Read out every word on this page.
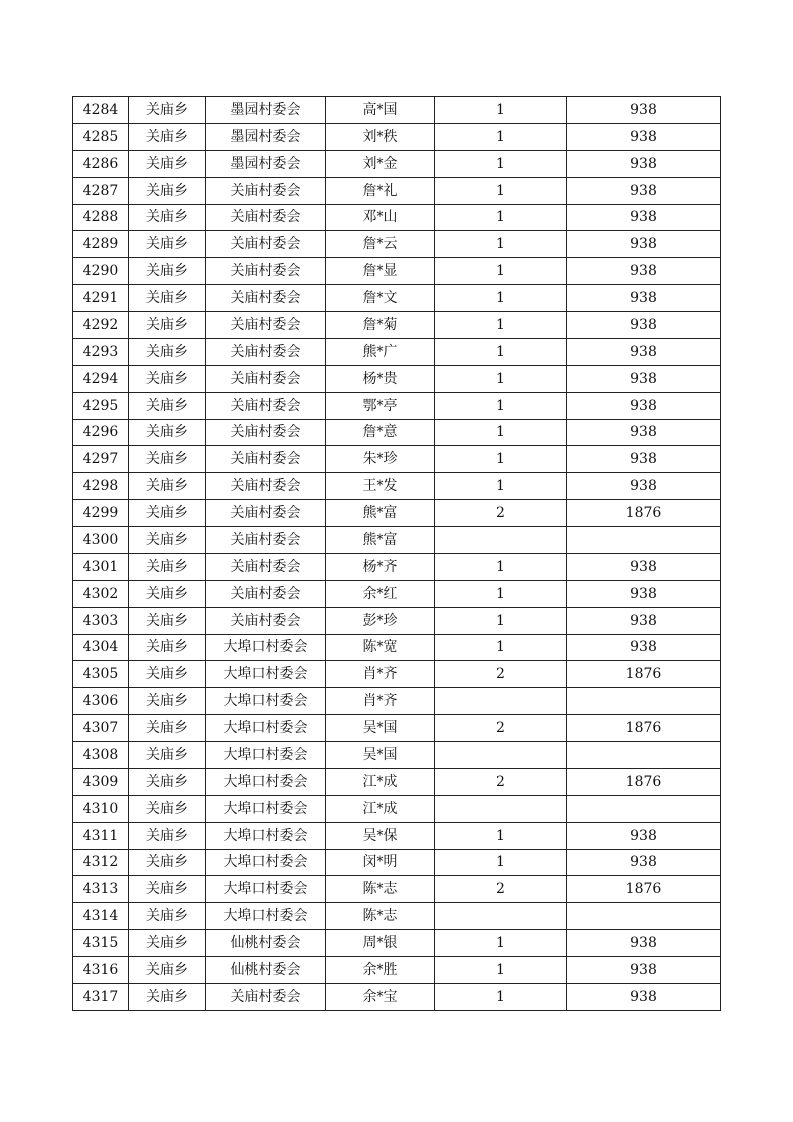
4284	关庙乡	墨园村委会	高*国	1	938
4285	关庙乡	墨园村委会	刘*秩	1	938
4286	关庙乡	墨园村委会	刘*金	1	938
4287	关庙乡	关庙村委会	詹*礼	1	938
4288	关庙乡	关庙村委会	邓*山	1	938
4289	关庙乡	关庙村委会	詹*云	1	938
4290	关庙乡	关庙村委会	詹*显	1	938
4291	关庙乡	关庙村委会	詹*文	1	938
4292	关庙乡	关庙村委会	詹*菊	1	938
4293	关庙乡	关庙村委会	熊*广	1	938
4294	关庙乡	关庙村委会	杨*贵	1	938
4295	关庙乡	关庙村委会	鄂*亭	1	938
4296	关庙乡	关庙村委会	詹*意	1	938
4297	关庙乡	关庙村委会	朱*珍	1	938
4298	关庙乡	关庙村委会	王*发	1	938
4299	关庙乡	关庙村委会	熊*富	2	1876
4300	关庙乡	关庙村委会	熊*富		
4301	关庙乡	关庙村委会	杨*齐	1	938
4302	关庙乡	关庙村委会	余*红	1	938
4303	关庙乡	关庙村委会	彭*珍	1	938
4304	关庙乡	大埠口村委会	陈*宽	1	938
4305	关庙乡	大埠口村委会	肖*齐	2	1876
4306	关庙乡	大埠口村委会	肖*齐		
4307	关庙乡	大埠口村委会	吴*国	2	1876
4308	关庙乡	大埠口村委会	吴*国		
4309	关庙乡	大埠口村委会	江*成	2	1876
4310	关庙乡	大埠口村委会	江*成		
4311	关庙乡	大埠口村委会	吴*保	1	938
4312	关庙乡	大埠口村委会	闵*明	1	938
4313	关庙乡	大埠口村委会	陈*志	2	1876
4314	关庙乡	大埠口村委会	陈*志		
4315	关庙乡	仙桃村委会	周*银	1	938
4316	关庙乡	仙桃村委会	余*胜	1	938
4317	关庙乡	关庙村委会	余*宝	1	938
